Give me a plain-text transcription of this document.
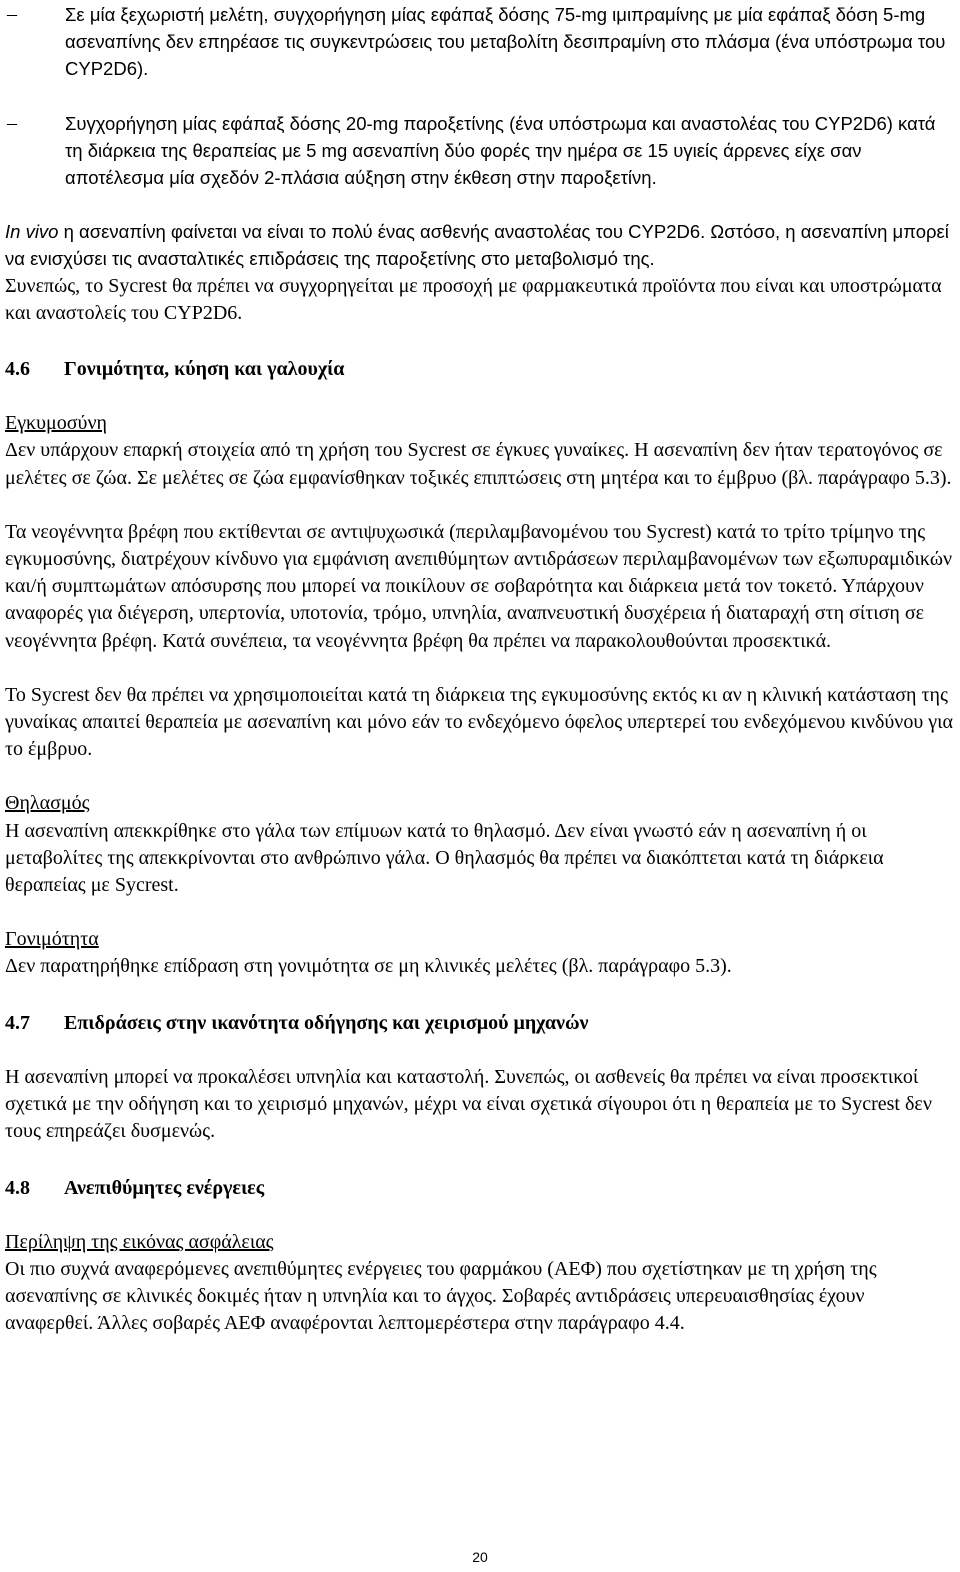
–	Σε μία ξεχωριστή μελέτη, συγχορήγηση μίας εφάπαξ δόσης 75-mg ιμιπραμίνης με μία εφάπαξ δόση 5-mg ασεναπίνης δεν επηρέασε τις συγκεντρώσεις του μεταβολίτη δεσιπραμίνη στο πλάσμα (ένα υπόστρωμα του CYP2D6).

–	Συγχορήγηση μίας εφάπαξ δόσης 20-mg παροξετίνης (ένα υπόστρωμα και αναστολέας του CYP2D6) κατά τη διάρκεια της θεραπείας με 5 mg ασεναπίνη δύο φορές την ημέρα σε 15 υγιείς άρρενες είχε σαν αποτέλεσμα μία σχεδόν 2-πλάσια αύξηση στην έκθεση στην παροξετίνη.

In vivo η ασεναπίνη φαίνεται να είναι το πολύ ένας ασθενής αναστολέας του CYP2D6. Ωστόσο, η ασεναπίνη μπορεί να ενισχύσει τις ανασταλτικές επιδράσεις της παροξετίνης στο μεταβολισμό της.

Συνεπώς, το Sycrest θα πρέπει να συγχορηγείται με προσοχή με φαρμακευτικά προϊόντα που είναι και υποστρώματα και αναστολείς του CYP2D6.

4.6 Γονιμότητα, κύηση και γαλουχία

Εγκυμοσύνη

Δεν υπάρχουν επαρκή στοιχεία από τη χρήση του Sycrest σε έγκυες γυναίκες. Η ασεναπίνη δεν ήταν τερατογόνος σε μελέτες σε ζώα. Σε μελέτες σε ζώα εμφανίσθηκαν τοξικές επιπτώσεις στη μητέρα και το έμβρυο (βλ. παράγραφο 5.3).

Τα νεογέννητα βρέφη που εκτίθενται σε αντιψυχωσικά (περιλαμβανομένου του Sycrest) κατά το τρίτο τρίμηνο της εγκυμοσύνης, διατρέχουν κίνδυνο για εμφάνιση ανεπιθύμητων αντιδράσεων περιλαμβανομένων των εξωπυραμιδικών και/ή συμπτωμάτων απόσυρσης που μπορεί να ποικίλουν σε σοβαρότητα και διάρκεια μετά τον τοκετό. Υπάρχουν αναφορές για διέγερση, υπερτονία, υποτονία, τρόμο, υπνηλία, αναπνευστική δυσχέρεια ή διαταραχή στη σίτιση σε νεογέννητα βρέφη. Κατά συνέπεια, τα νεογέννητα βρέφη θα πρέπει να παρακολουθούνται προσεκτικά.

Το Sycrest δεν θα πρέπει να χρησιμοποιείται κατά τη διάρκεια της εγκυμοσύνης εκτός κι αν η κλινική κατάσταση της γυναίκας απαιτεί θεραπεία με ασεναπίνη και μόνο εάν το ενδεχόμενο όφελος υπερτερεί του ενδεχόμενου κινδύνου για το έμβρυο.

Θηλασμός

Η ασεναπίνη απεκκρίθηκε στο γάλα των επίμυων κατά το θηλασμό. Δεν είναι γνωστό εάν η ασεναπίνη ή οι μεταβολίτες της απεκκρίνονται στο ανθρώπινο γάλα. Ο θηλασμός θα πρέπει να διακόπτεται κατά τη διάρκεια θεραπείας με Sycrest.

Γονιμότητα

Δεν παρατηρήθηκε επίδραση στη γονιμότητα σε μη κλινικές μελέτες (βλ. παράγραφο 5.3).

4.7 Επιδράσεις στην ικανότητα οδήγησης και χειρισμού μηχανών

Η ασεναπίνη μπορεί να προκαλέσει υπνηλία και καταστολή. Συνεπώς, οι ασθενείς θα πρέπει να είναι προσεκτικοί σχετικά με την οδήγηση και το χειρισμό μηχανών, μέχρι να είναι σχετικά σίγουροι ότι η θεραπεία με το Sycrest δεν τους επηρεάζει δυσμενώς.

4.8 Ανεπιθύμητες ενέργειες

Περίληψη της εικόνας ασφάλειας

Οι πιο συχνά αναφερόμενες ανεπιθύμητες ενέργειες του φαρμάκου (ΑΕΦ) που σχετίστηκαν με τη χρήση της ασεναπίνης σε κλινικές δοκιμές ήταν η υπνηλία και το άγχος. Σοβαρές αντιδράσεις υπερευαισθησίας έχουν αναφερθεί. Άλλες σοβαρές ΑΕΦ αναφέρονται λεπτομερέστερα στην παράγραφο 4.4.

20
